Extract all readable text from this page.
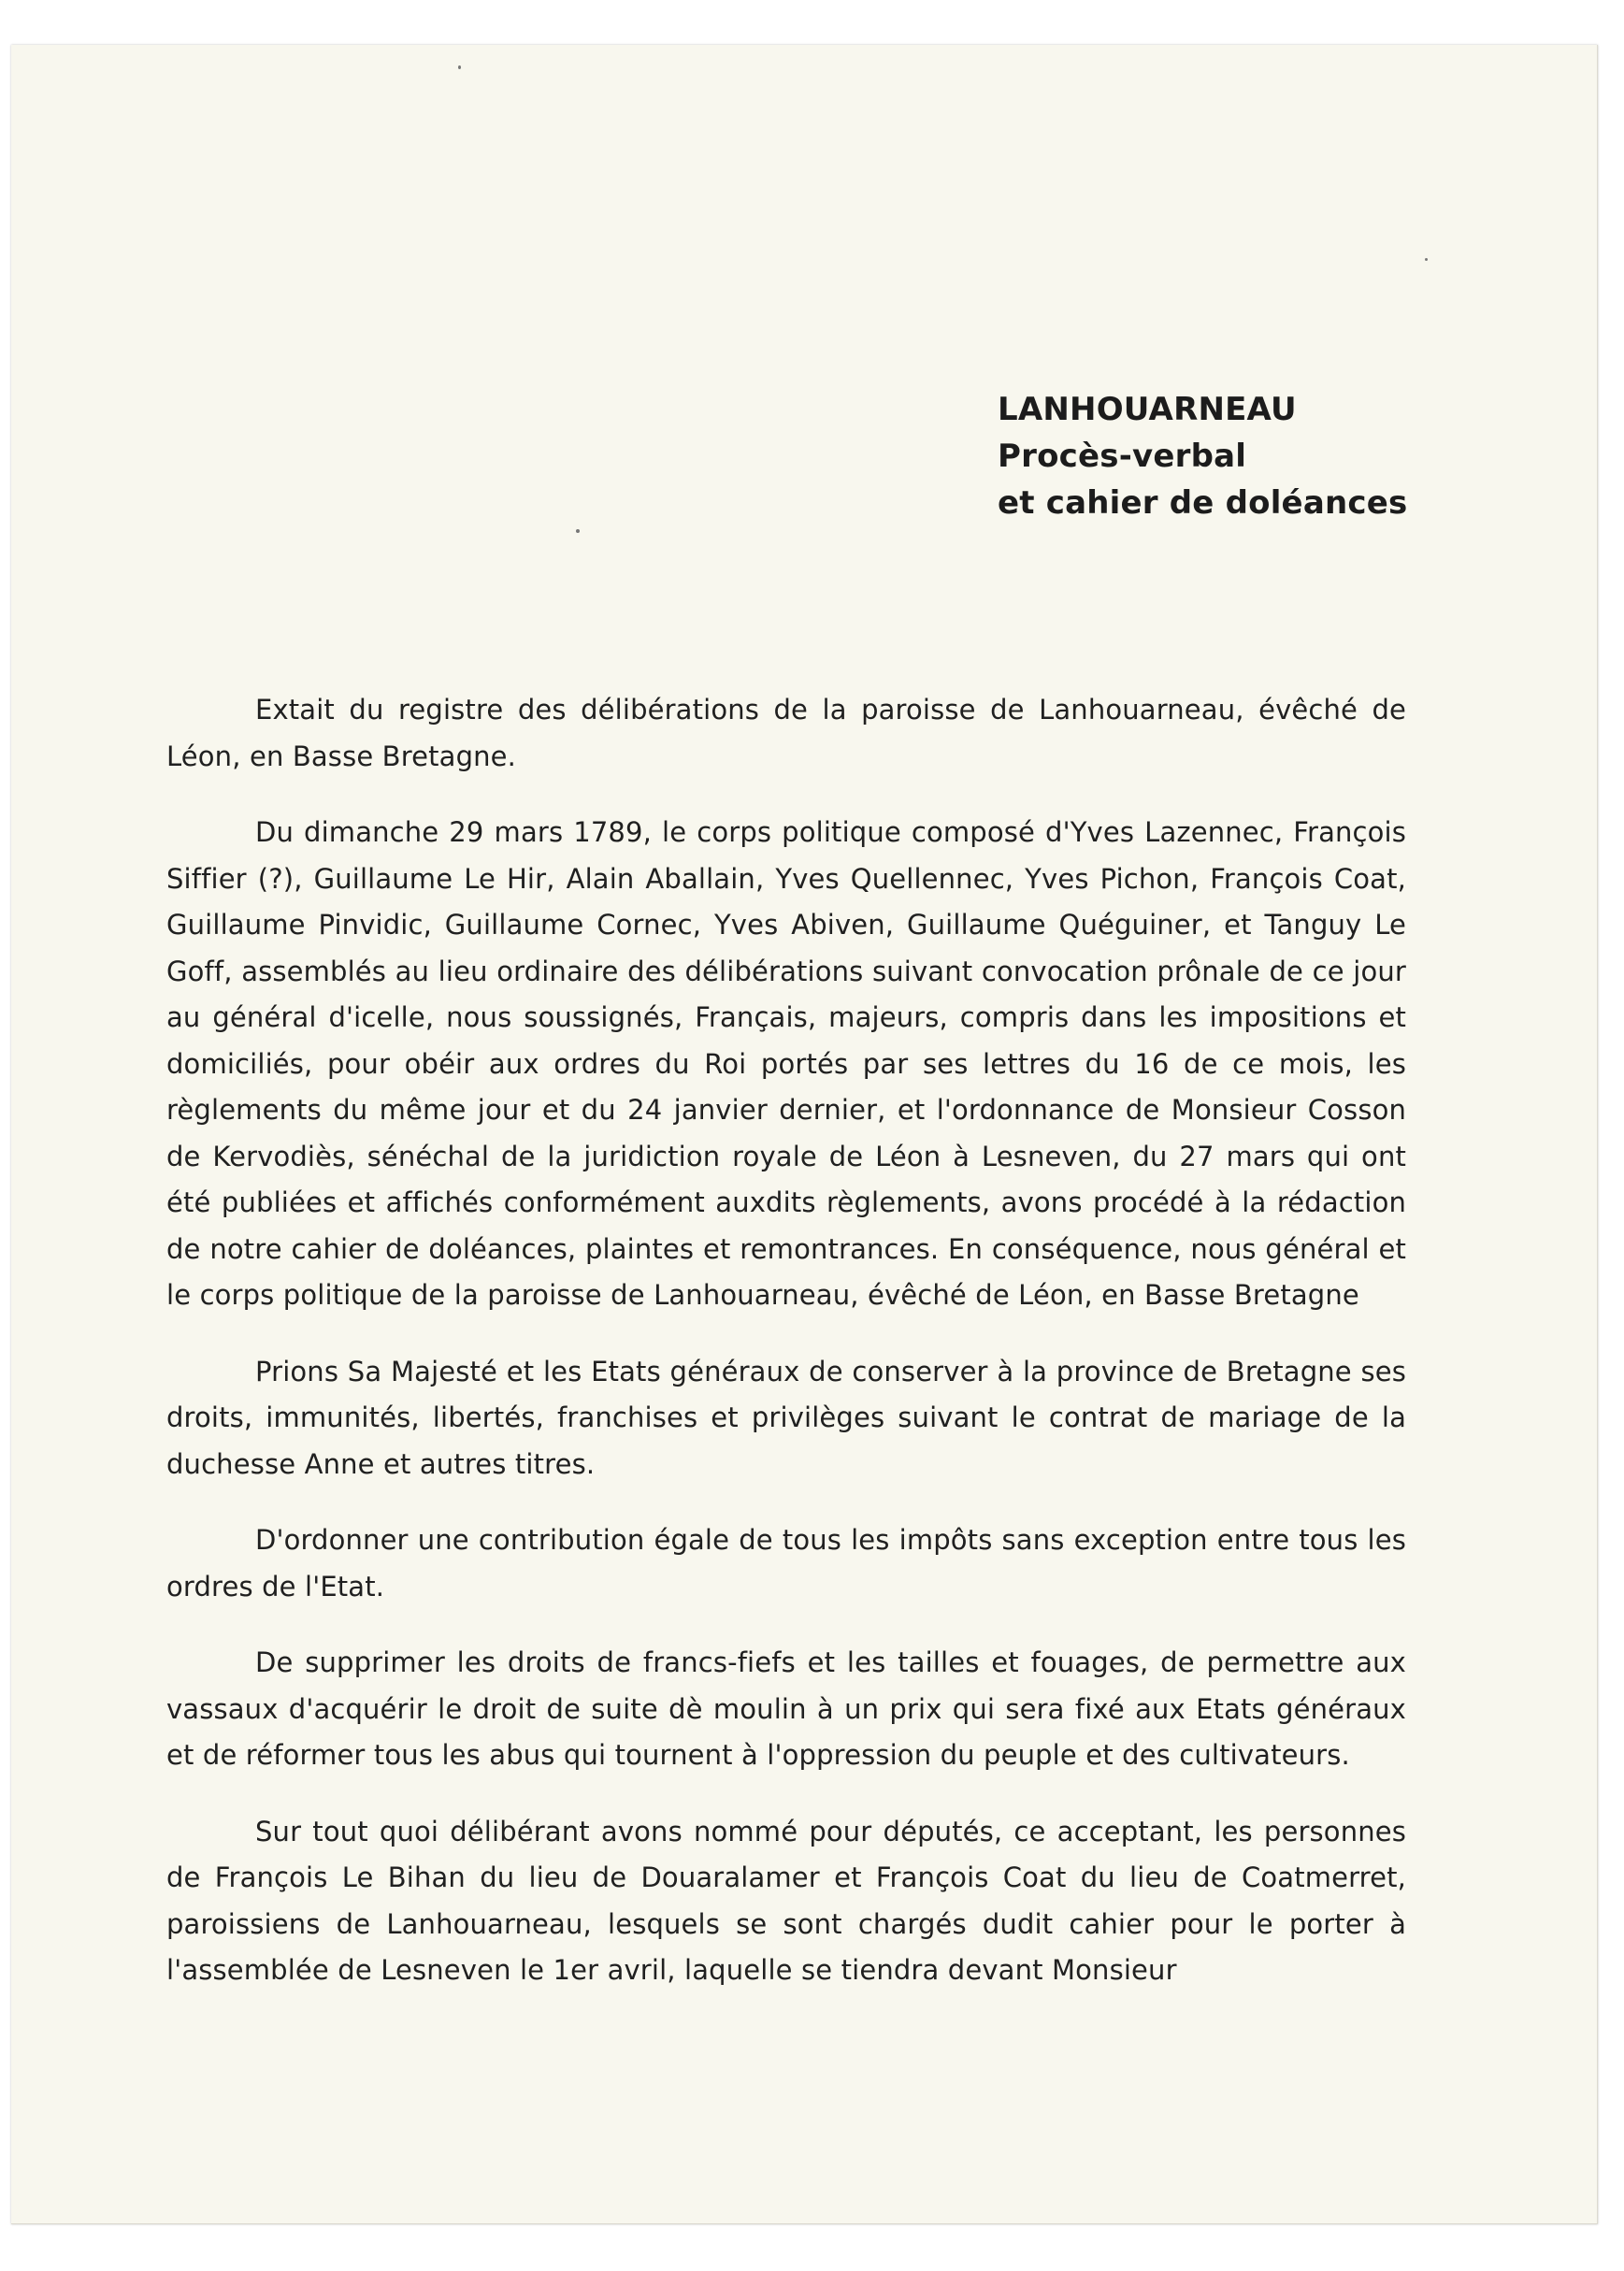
LANHOUARNEAU
Procès-verbal
et cahier de doléances

Extait du registre des délibérations de la paroisse de Lanhouarneau, évêché de Léon, en Basse Bretagne.

Du dimanche 29 mars 1789, le corps politique composé d'Yves Lazennec, François Siffier (?), Guillaume Le Hir, Alain Aballain, Yves Quellennec, Yves Pichon, François Coat, Guillaume Pinvidic, Guillaume Cornec, Yves Abiven, Guillaume Quéguiner, et Tanguy Le Goff, assemblés au lieu ordinaire des délibérations suivant convocation prônale de ce jour au général d'icelle, nous soussignés, Français, majeurs, compris dans les impositions et domiciliés, pour obéir aux ordres du Roi portés par ses lettres du 16 de ce mois, les règlements du même jour et du 24 janvier dernier, et l'ordonnance de Monsieur Cosson de Kervodiès, sénéchal de la juridiction royale de Léon à Lesneven, du 27 mars qui ont été publiées et affichés conformément auxdits règlements, avons procédé à la rédaction de notre cahier de doléances, plaintes et remontrances. En conséquence, nous général et le corps politique de la paroisse de Lanhouarneau, évêché de Léon, en Basse Bretagne

Prions Sa Majesté et les Etats généraux de conserver à la province de Bretagne ses droits, immunités, libertés, franchises et privilèges suivant le contrat de mariage de la duchesse Anne et autres titres.

D'ordonner une contribution égale de tous les impôts sans exception entre tous les ordres de l'Etat.

De supprimer les droits de francs-fiefs et les tailles et fouages, de permettre aux vassaux d'acquérir le droit de suite dè moulin à un prix qui sera fixé aux Etats généraux et de réformer tous les abus qui tournent à l'oppression du peuple et des cultivateurs.

Sur tout quoi délibérant avons nommé pour députés, ce acceptant, les personnes de François Le Bihan du lieu de Douaralamer et François Coat du lieu de Coatmerret, paroissiens de Lanhouarneau, lesquels se sont chargés dudit cahier pour le porter à l'assemblée de Lesneven le 1er avril, laquelle se tiendra devant Monsieur
